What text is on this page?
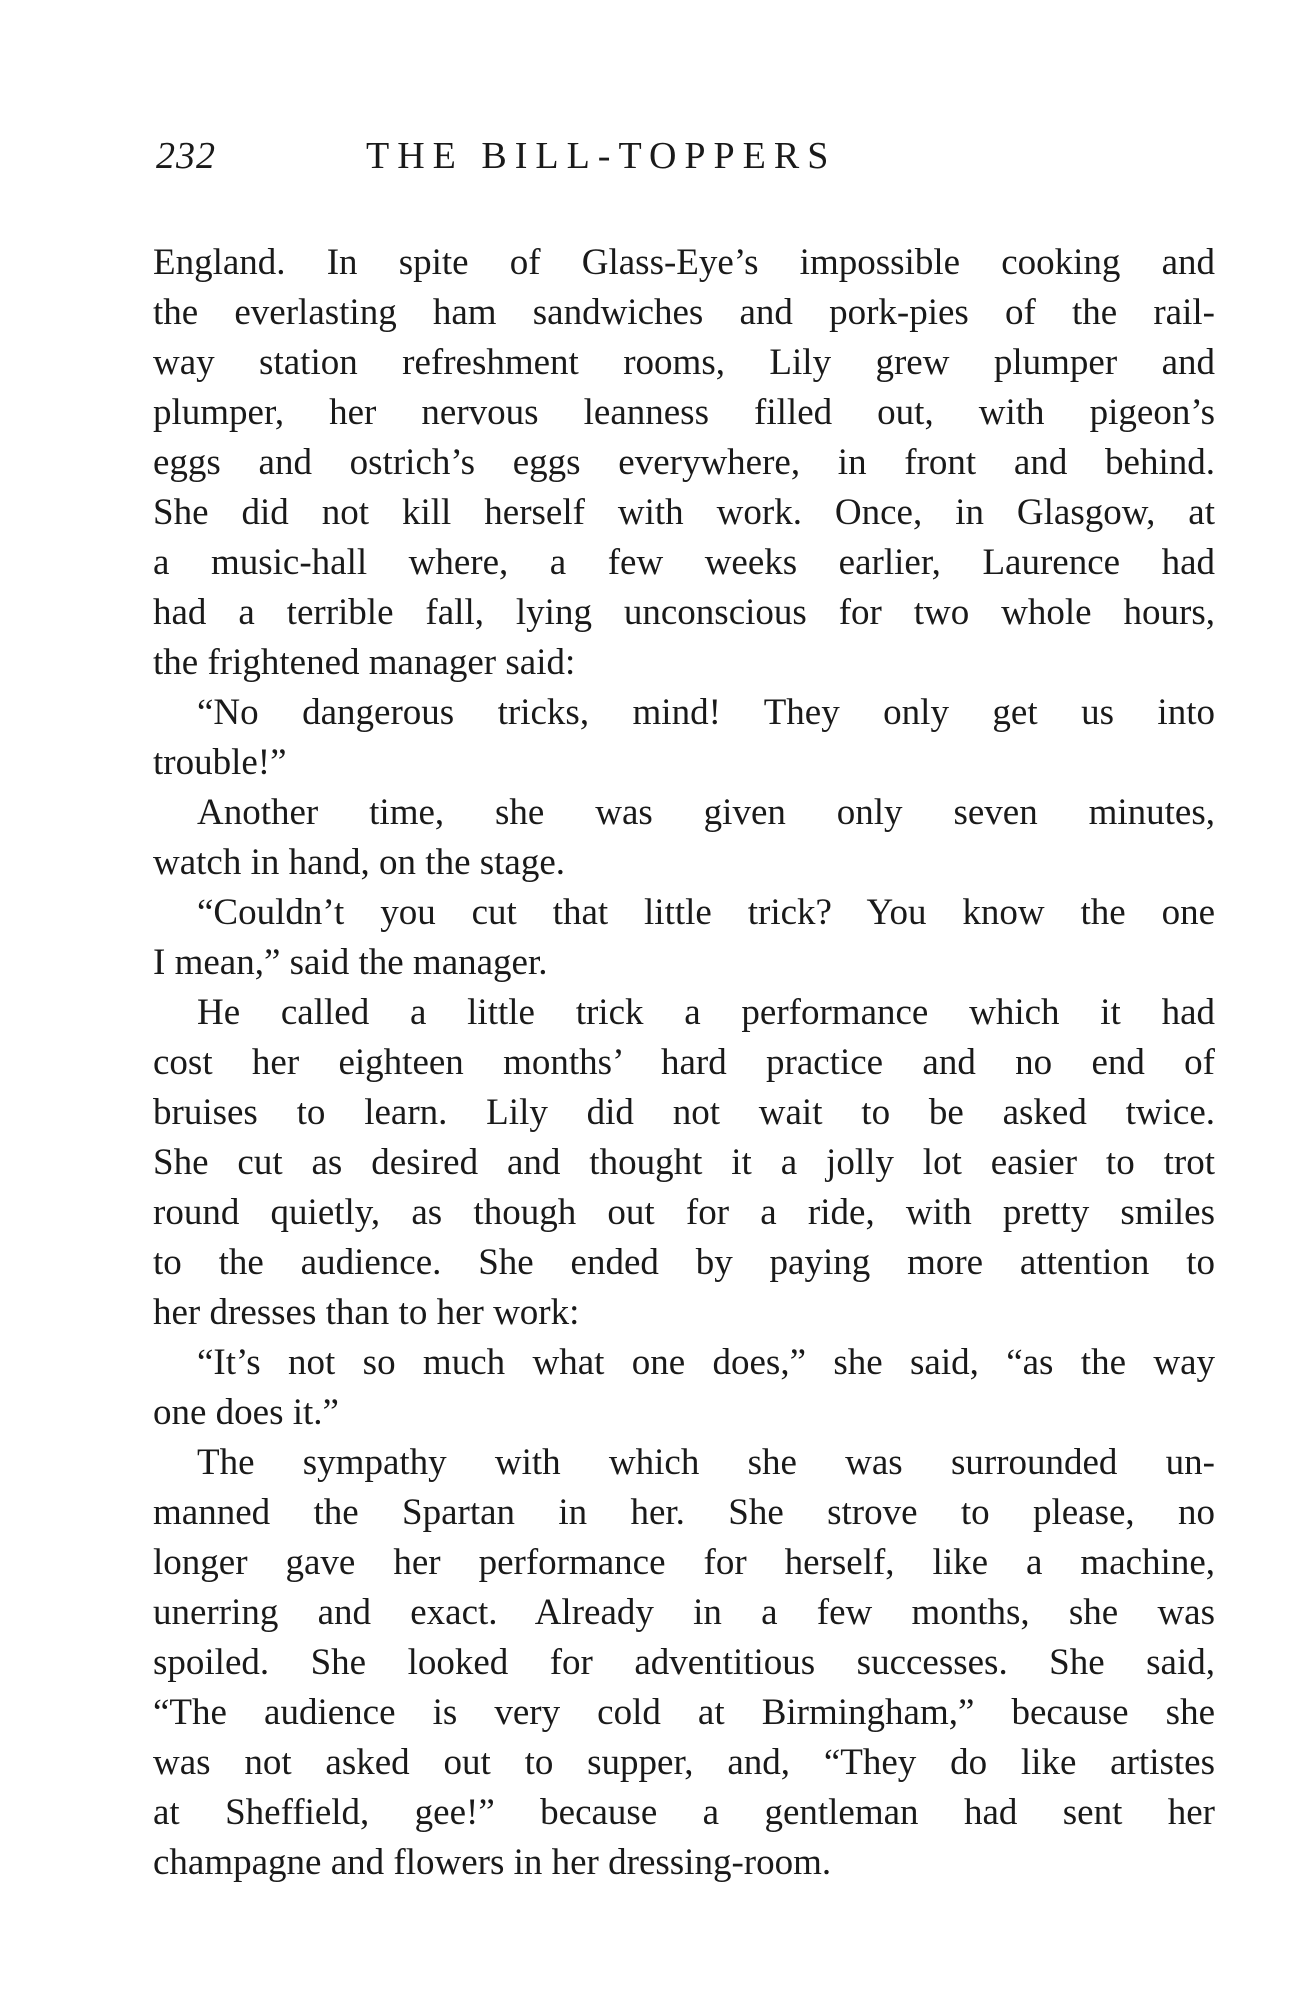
232	THE BILL-TOPPERS
England. In spite of Glass-Eye’s impossible cooking and
the everlasting ham sandwiches and pork-pies of the rail-
way station refreshment rooms, Lily grew plumper and
plumper, her nervous leanness filled out, with pigeon’s
eggs and ostrich’s eggs everywhere, in front and behind.
She did not kill herself with work. Once, in Glasgow, at
a music-hall where, a few weeks earlier, Laurence had
had a terrible fall, lying unconscious for two whole hours,
the frightened manager said:
“No dangerous tricks, mind! They only get us into
trouble!”
Another time, she was given only seven minutes,
watch in hand, on the stage.
“Couldn’t you cut that little trick? You know the one
I mean,” said the manager.
He called a little trick a performance which it had
cost her eighteen months’ hard practice and no end of
bruises to learn. Lily did not wait to be asked twice.
She cut as desired and thought it a jolly lot easier to trot
round quietly, as though out for a ride, with pretty smiles
to the audience. She ended by paying more attention to
her dresses than to her work:
“It’s not so much what one does,” she said, “as the way
one does it.”
The sympathy with which she was surrounded un-
manned the Spartan in her. She strove to please, no
longer gave her performance for herself, like a machine,
unerring and exact. Already in a few months, she was
spoiled. She looked for adventitious successes. She said,
“The audience is very cold at Birmingham,” because she
was not asked out to supper, and, “They do like artistes
at Sheffield, gee!” because a gentleman had sent her
champagne and flowers in her dressing-room.
